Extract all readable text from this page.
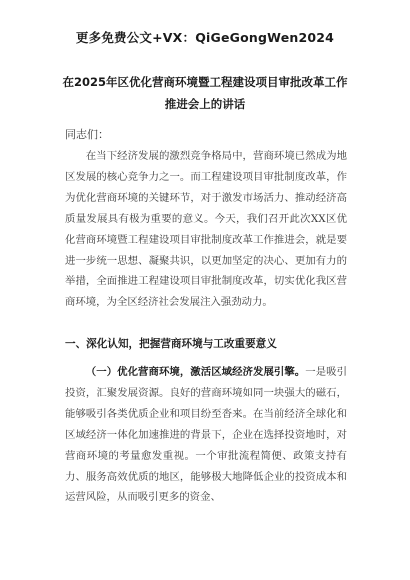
更多免费公文+VX：QiGeGongWen2024
在2025年区优化营商环境暨工程建设项目审批改革工作推进会上的讲话
同志们：
在当下经济发展的激烈竞争格局中，营商环境已然成为地区发展的核心竞争力之一。而工程建设项目审批制度改革，作为优化营商环境的关键环节，对于激发市场活力、推动经济高质量发展具有极为重要的意义。今天，我们召开此次XX区优化营商环境暨工程建设项目审批制度改革工作推进会，就是要进一步统一思想、凝聚共识，以更加坚定的决心、更加有力的举措，全面推进工程建设项目审批制度改革，切实优化我区营商环境，为全区经济社会发展注入强劲动力。
一、深化认知，把握营商环境与工改重要意义
（一）优化营商环境，激活区域经济发展引擎。一是吸引投资，汇聚发展资源。良好的营商环境如同一块强大的磁石，能够吸引各类优质企业和项目纷至沓来。在当前经济全球化和区域经济一体化加速推进的背景下，企业在选择投资地时，对营商环境的考量愈发重视。一个审批流程简便、政策支持有力、服务高效优质的地区，能够极大地降低企业的投资成本和运营风险，从而吸引更多的资金、
